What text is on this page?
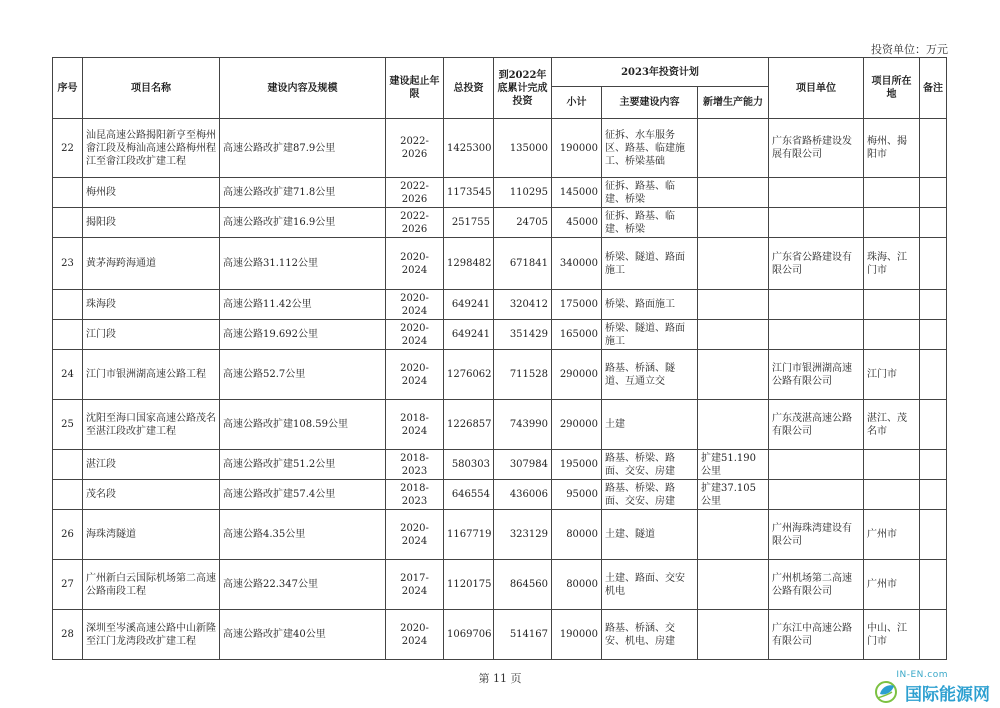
投资单位：万元
序号	项目名称	建设内容及规模	建设起止年限	总投资	到2022年底累计完成投资	2023年投资计划			项目单位	项目所在地	备注
						小计	主要建设内容	新增生产能力			
22	汕昆高速公路揭阳新亨至梅州畲江段及梅汕高速公路梅州程江至畲江段改扩建工程	高速公路改扩建87.9公里	2022-2026	1425300	135000	190000	征拆、水车服务区、路基、临建施工、桥梁基础		广东省路桥建设发展有限公司	梅州、揭阳市	
	梅州段	高速公路改扩建71.8公里	2022-2026	1173545	110295	145000	征拆、路基、临建、桥梁				
	揭阳段	高速公路改扩建16.9公里	2022-2026	251755	24705	45000	征拆、路基、临建、桥梁				
23	黄茅海跨海通道	高速公路31.112公里	2020-2024	1298482	671841	340000	桥梁、隧道、路面施工		广东省公路建设有限公司	珠海、江门市	
	珠海段	高速公路11.42公里	2020-2024	649241	320412	175000	桥梁、路面施工				
	江门段	高速公路19.692公里	2020-2024	649241	351429	165000	桥梁、隧道、路面施工				
24	江门市银洲湖高速公路工程	高速公路52.7公里	2020-2024	1276062	711528	290000	路基、桥涵、隧道、互通立交		江门市银洲湖高速公路有限公司	江门市	
25	沈阳至海口国家高速公路茂名至湛江段改扩建工程	高速公路改扩建108.59公里	2018-2024	1226857	743990	290000	土建		广东茂湛高速公路有限公司	湛江、茂名市	
	湛江段	高速公路改扩建51.2公里	2018-2023	580303	307984	195000	路基、桥梁、路面、交安、房建	扩建51.190公里			
	茂名段	高速公路改扩建57.4公里	2018-2023	646554	436006	95000	路基、桥梁、路面、交安、房建	扩建37.105公里			
26	海珠湾隧道	高速公路4.35公里	2020-2024	1167719	323129	80000	土建、隧道		广州海珠湾建设有限公司	广州市	
27	广州新白云国际机场第二高速公路南段工程	高速公路22.347公里	2017-2024	1120175	864560	80000	土建、路面、交安机电		广州机场第二高速公路有限公司	广州市	
28	深圳至岑溪高速公路中山新隆至江门龙湾段改扩建工程	高速公路改扩建40公里	2020-2024	1069706	514167	190000	路基、桥涵、交安、机电、房建		广东江中高速公路有限公司	中山、江门市	
第 11 页	IN-EN.com
国际能源网
